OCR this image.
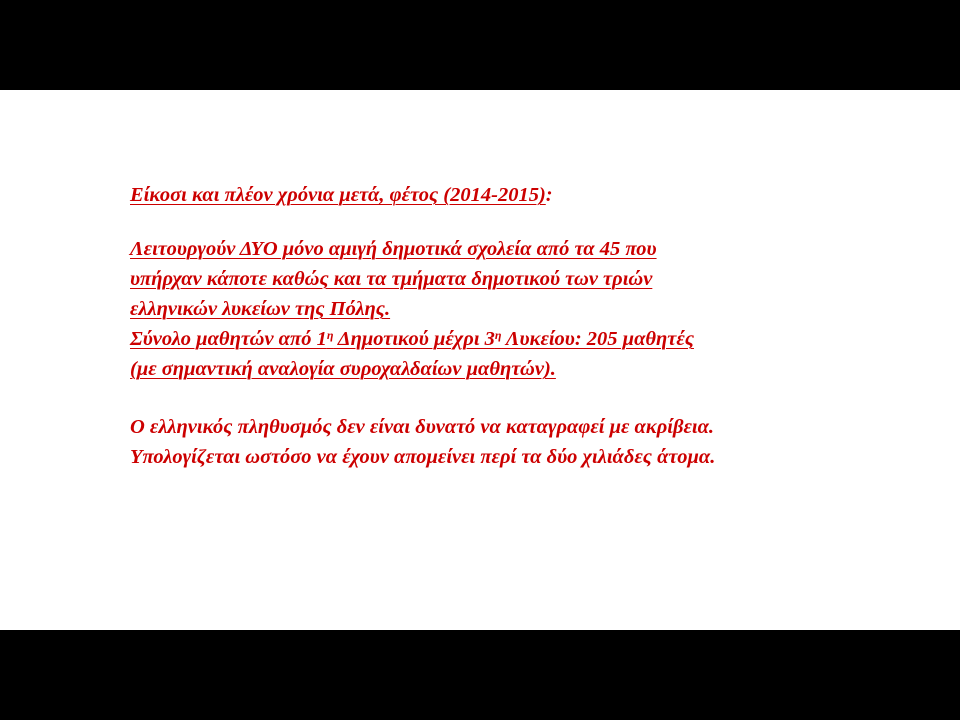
Είκοσι και πλέον χρόνια μετά, φέτος (2014-2015):
Λειτουργούν ΔΥΟ μόνο αμιγή δημοτικά σχολεία από τα 45 που
υπήρχαν κάποτε καθώς και τα τμήματα δημοτικού των τριών
ελληνικών λυκείων της Πόλης.
Σύνολο μαθητών από $1^\eta$ Δημοτικού μέχρι $3^\eta$ Λυκείου: 205 μαθητές
(με σημαντική αναλογία συροχαλδαίων μαθητών).
Ο ελληνικός πληθυσμός δεν είναι δυνατό να καταγραφεί με ακρίβεια.
Υπολογίζεται ωστόσο να έχουν απομείνει περί τα δύο χιλιάδες άτομα.
